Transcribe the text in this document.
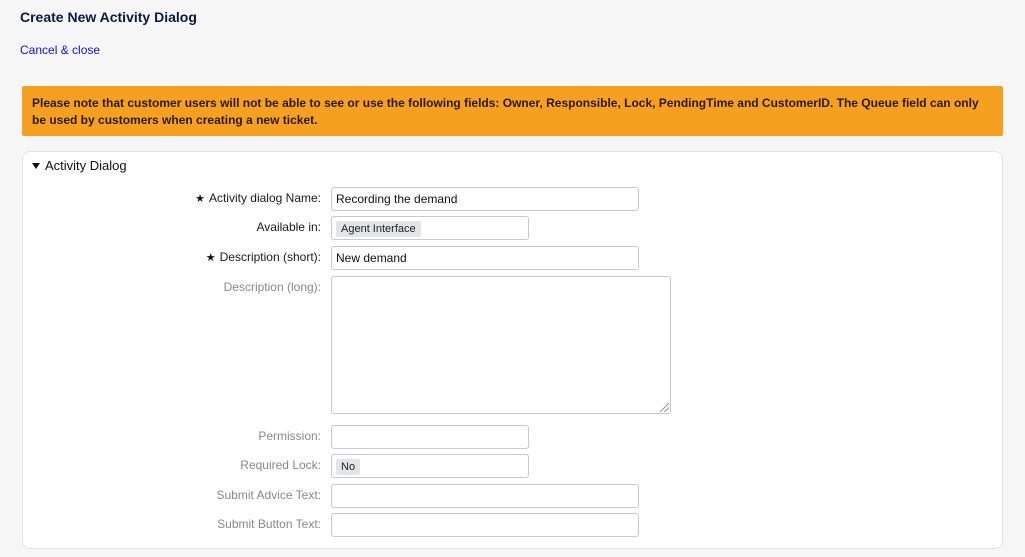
Create New Activity Dialog
Cancel & close
Please note that customer users will not be able to see or use the following fields: Owner, Responsible, Lock, PendingTime and CustomerID. The Queue field can only be used by customers when creating a new ticket.
Activity Dialog
★ Activity dialog Name:	Recording the demand
Available in:	Agent Interface
★ Description (short):	New demand
Description (long):
Permission:
Required Lock:	No
Submit Advice Text:
Submit Button Text:
